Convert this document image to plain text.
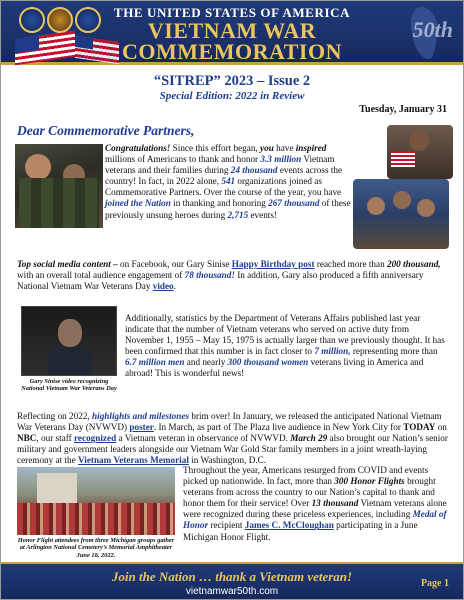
THE UNITED STATES OF AMERICA
VIETNAM WAR
COMMEMORATION
50th
“SITREP” 2023 – Issue 2
Special Edition: 2022 in Review
Tuesday, January 31
Dear Commemorative Partners,
Congratulations! Since this effort began, you have inspired millions of Americans to thank and honor 3.3 million Vietnam veterans and their families during 24 thousand events across the country! In fact, in 2022 alone, 541 organizations joined as Commemorative Partners. Over the course of the year, you have joined the Nation in thanking and honoring 267 thousand of these previously unsung heroes during 2,715 events!
Top social media content – on Facebook, our Gary Sinise Happy Birthday post reached more than 200 thousand, with an overall total audience engagement of 78 thousand! In addition, Gary also produced a fifth anniversary National Vietnam War Veterans Day video.
Gary Sinise video recognizing National Vietnam War Veterans Day
Additionally, statistics by the Department of Veterans Affairs published last year indicate that the number of Vietnam veterans who served on active duty from November 1, 1955 – May 15, 1975 is actually larger than we previously thought. It has been confirmed that this number is in fact closer to 7 million, representing more than 6.7 million men and nearly 300 thousand women veterans living in America and abroad! This is wonderful news!
Reflecting on 2022, highlights and milestones brim over! In January, we released the anticipated National Vietnam War Veterans Day (NVWVD) poster. In March, as part of The Plaza live audience in New York City for TODAY on NBC, our staff recognized a Vietnam veteran in observance of NVWVD. March 29 also brought our Nation’s senior military and government leaders alongside our Vietnam War Gold Star family members in a joint wreath-laying ceremony at the Vietnam Veterans Memorial in Washington, D.C.
Honor Flight attendees from three Michigan groups gather at Arlington National Cemetery’s Memorial Amphitheater June 18, 2022.
Throughout the year, Americans resurged from COVID and events picked up nationwide. In fact, more than 300 Honor Flights brought veterans from across the country to our Nation’s capital to thank and honor them for their service! Over 13 thousand Vietnam veterans alone were recognized during these priceless experiences, including Medal of Honor recipient James C. McCloughan participating in a June Michigan Honor Flight.
Join the Nation … thank a Vietnam veteran!
vietnamwar50th.com
Page 1
